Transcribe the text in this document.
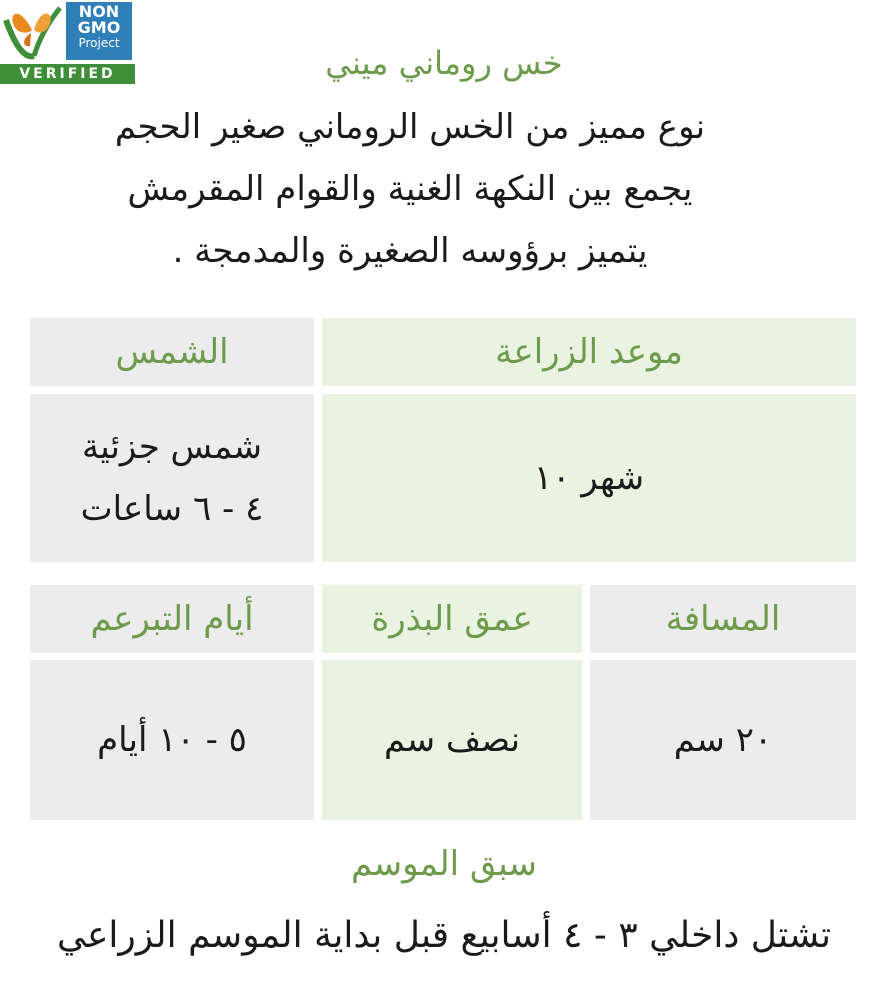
NON
GMO
Project
VERIFIED	خس روماني ميني
نوع مميز من الخس الروماني صغير الحجم
يجمع بين النكهة الغنية والقوام المقرمش
يتميز برؤوسه الصغيرة والمدمجة .
موعد الزراعة
الشمس
شهر ١٠
شمس جزئية
٤ - ٦ ساعات
المسافة
عمق البذرة
أيام التبرعم
٢٠ سم
نصف سم
٥ - ١٠ أيام
سبق الموسم
تشتل داخلي ٣ - ٤ أسابيع قبل بداية الموسم الزراعي
